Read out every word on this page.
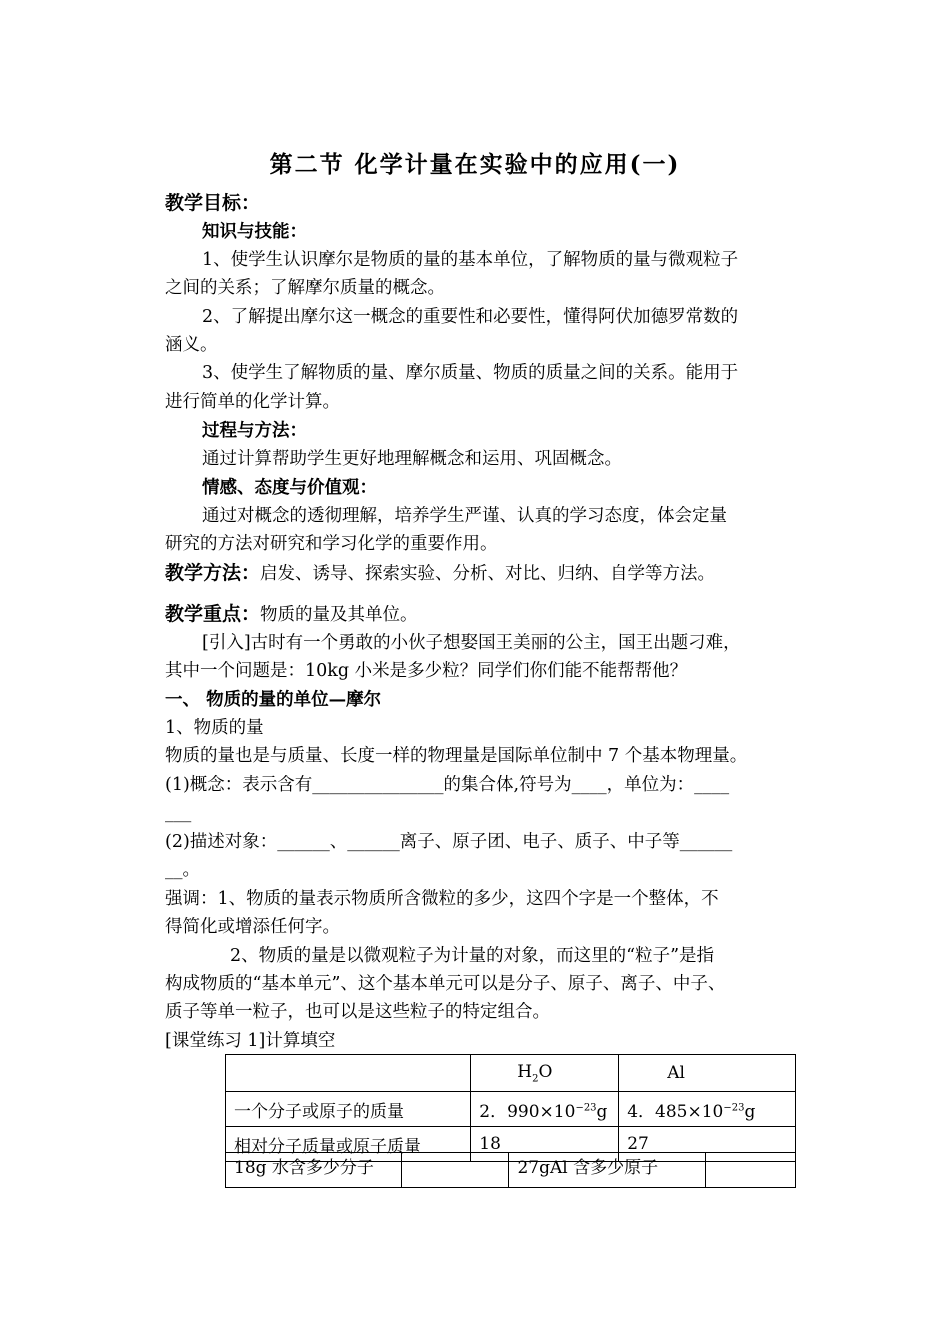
第二节 化学计量在实验中的应用(一)
教学目标：
知识与技能：
1、使学生认识摩尔是物质的量的基本单位，了解物质的量与微观粒子
之间的关系；了解摩尔质量的概念。
2、了解提出摩尔这一概念的重要性和必要性，懂得阿伏加德罗常数的
涵义。
3、使学生了解物质的量、摩尔质量、物质的质量之间的关系。能用于
进行简单的化学计算。
过程与方法：
通过计算帮助学生更好地理解概念和运用、巩固概念。
情感、态度与价值观：
通过对概念的透彻理解，培养学生严谨、认真的学习态度，体会定量
研究的方法对研究和学习化学的重要作用。
教学方法：启发、诱导、探索实验、分析、对比、归纳、自学等方法。
教学重点：物质的量及其单位。
[引入]古时有一个勇敢的小伙子想娶国王美丽的公主，国王出题刁难，
其中一个问题是：10kg 小米是多少粒？同学们你们能不能帮帮他？
一、 物质的量的单位—摩尔
1、物质的量
物质的量也是与质量、长度一样的物理量是国际单位制中 7 个基本物理量。
(1)概念：表示含有_______________的集合体,符号为____，单位为：____
___
(2)描述对象：______、______离子、原子团、电子、质子、中子等______
__。
强调：1、物质的量表示物质所含微粒的多少，这四个字是一个整体，不
得简化或增添任何字。
2、物质的量是以微观粒子为计量的对象，而这里的“粒子”是指
构成物质的“基本单元”、这个基本单元可以是分子、原子、离子、中子、
质子等单一粒子，也可以是这些粒子的特定组合。
[课堂练习 1]计算填空
	$H_2O$	Al
一个分子或原子的质量	2．$990\times 10^{-23}g$	4．$485\times 10^{-23}g$
相对分子质量或原子质量	18	27
18g 水含多少分子		27gAl 含多少原子	
